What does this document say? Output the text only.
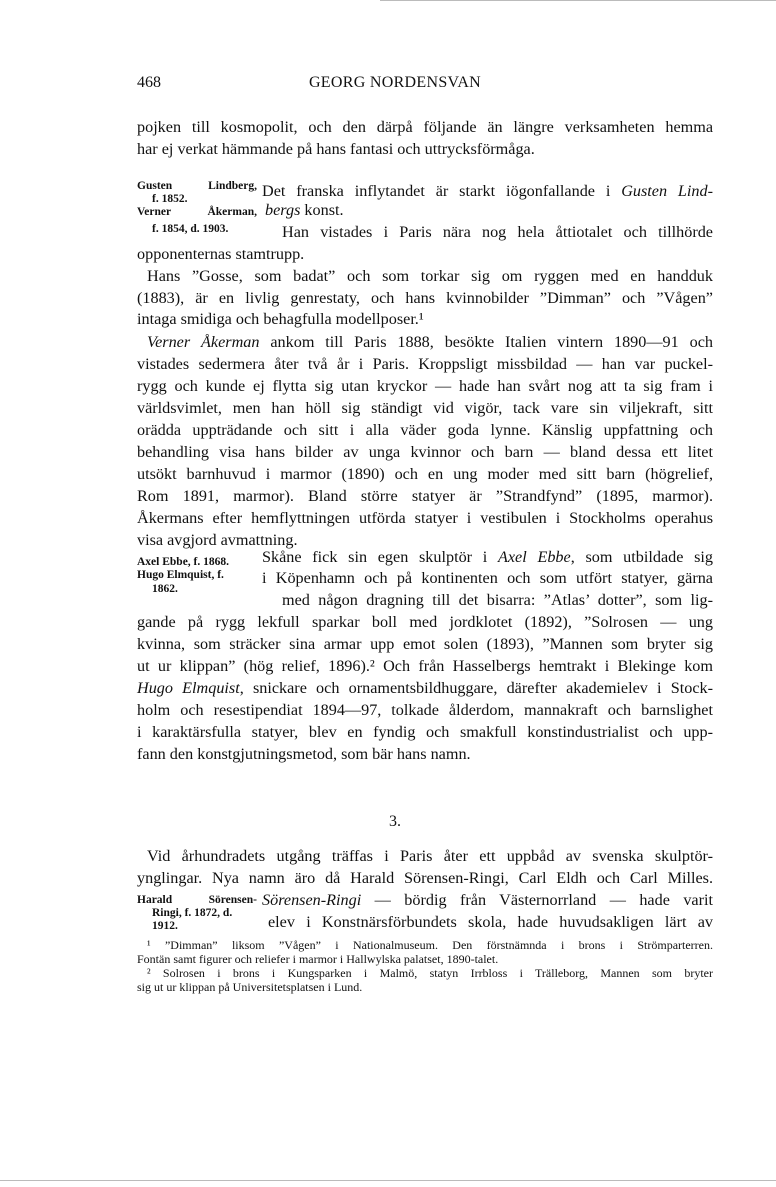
468	GEORG NORDENSVAN
3.
pojken till kosmopolit, och den därpå följande än längre verksamheten hemma
har ej verkat hämmande på hans fantasi och uttrycksförmåga.
Det franska inflytandet är starkt iögonfallande i Gusten Lind-
bergs konst.
Han vistades i Paris nära nog hela åttiotalet och tillhörde
opponenternas stamtrupp.
Hans ”Gosse, som badat” och som torkar sig om ryggen med en handduk
(1883), är en livlig genrestaty, och hans kvinnobilder ”Dimman” och ”Vågen”
intaga smidiga och behagfulla modellposer.¹
Verner Åkerman ankom till Paris 1888, besökte Italien vintern 1890—91 och
vistades sedermera åter två år i Paris. Kroppsligt missbildad — han var puckel-
rygg och kunde ej flytta sig utan kryckor — hade han svårt nog att ta sig fram i
världsvimlet, men han höll sig ständigt vid vigör, tack vare sin viljekraft, sitt
orädda uppträdande och sitt i alla väder goda lynne. Känslig uppfattning och
behandling visa hans bilder av unga kvinnor och barn — bland dessa ett litet
utsökt barnhuvud i marmor (1890) och en ung moder med sitt barn (högrelief,
Rom 1891, marmor). Bland större statyer är ”Strandfynd” (1895, marmor).
Åkermans efter hemflyttningen utförda statyer i vestibulen i Stockholms operahus
visa avgjord avmattning.
Skåne fick sin egen skulptör i Axel Ebbe, som utbildade sig
i Köpenhamn och på kontinenten och som utfört statyer, gärna
med någon dragning till det bisarra: ”Atlas’ dotter”, som lig-
gande på rygg lekfull sparkar boll med jordklotet (1892), ”Solrosen — ung
kvinna, som sträcker sina armar upp emot solen (1893), ”Mannen som bryter sig
ut ur klippan” (hög relief, 1896).² Och från Hasselbergs hemtrakt i Blekinge kom
Hugo Elmquist, snickare och ornamentsbildhuggare, därefter akademielev i Stock-
holm och resestipendiat 1894—97, tolkade ålderdom, mannakraft och barnslighet
i karaktärsfulla statyer, blev en fyndig och smakfull konstindustrialist och upp-
fann den konstgjutningsmetod, som bär hans namn.
Vid århundradets utgång träffas i Paris åter ett uppbåd av svenska skulptör-
ynglingar. Nya namn äro då Harald Sörensen-Ringi, Carl Eldh och Carl Milles.
Sörensen-Ringi — bördig från Västernorrland — hade varit
elev i Konstnärsförbundets skola, hade huvudsakligen lärt av
Gusten Lindberg,
f. 1852.
Verner Åkerman,
f. 1854, d. 1903.
Axel Ebbe, f. 1868.
Hugo Elmquist, f.
1862.
Harald Sörensen-
Ringi, f. 1872, d.
1912.
¹ ”Dimman” liksom ”Vågen” i Nationalmuseum. Den förstnämnda i brons i Strömparterren.
Fontän samt figurer och reliefer i marmor i Hallwylska palatset, 1890-talet.
² Solrosen i brons i Kungsparken i Malmö, statyn Irrbloss i Trälleborg, Mannen som bryter
sig ut ur klippan på Universitetsplatsen i Lund.
